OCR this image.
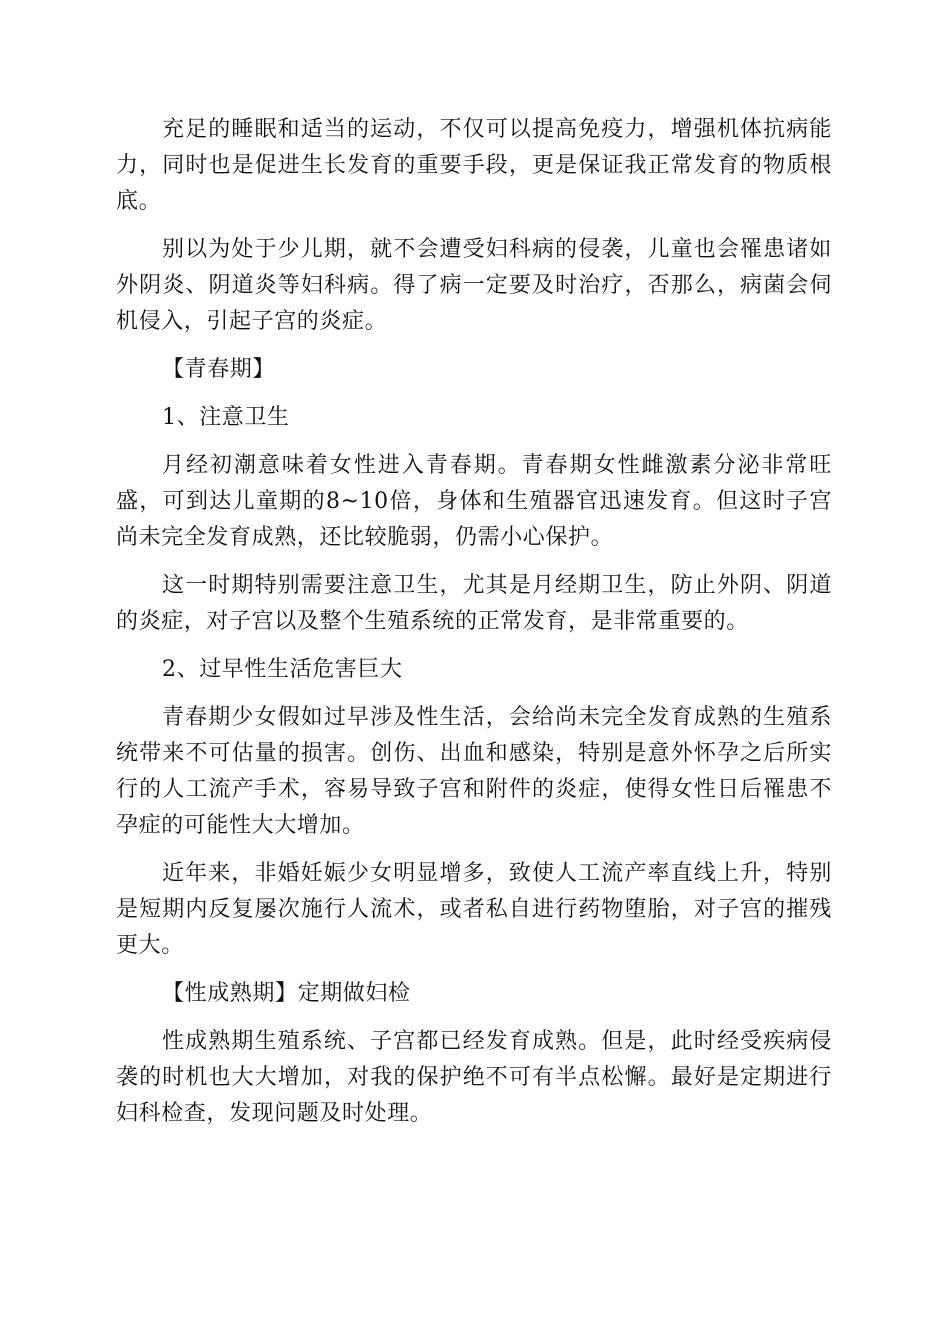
充足的睡眠和适当的运动，不仅可以提高免疫力，增强机体抗病能力，同时也是促进生长发育的重要手段，更是保证我正常发育的物质根底。

别以为处于少儿期，就不会遭受妇科病的侵袭，儿童也会罹患诸如外阴炎、阴道炎等妇科病。得了病一定要及时治疗，否那么，病菌会伺机侵入，引起子宫的炎症。

【青春期】

1、注意卫生

月经初潮意味着女性进入青春期。青春期女性雌激素分泌非常旺盛，可到达儿童期的8~10倍，身体和生殖器官迅速发育。但这时子宫尚未完全发育成熟，还比较脆弱，仍需小心保护。

这一时期特别需要注意卫生，尤其是月经期卫生，防止外阴、阴道的炎症，对子宫以及整个生殖系统的正常发育，是非常重要的。

2、过早性生活危害巨大

青春期少女假如过早涉及性生活，会给尚未完全发育成熟的生殖系统带来不可估量的损害。创伤、出血和感染，特别是意外怀孕之后所实行的人工流产手术，容易导致子宫和附件的炎症，使得女性日后罹患不孕症的可能性大大增加。

近年来，非婚妊娠少女明显增多，致使人工流产率直线上升，特别是短期内反复屡次施行人流术，或者私自进行药物堕胎，对子宫的摧残更大。

【性成熟期】定期做妇检

性成熟期生殖系统、子宫都已经发育成熟。但是，此时经受疾病侵袭的时机也大大增加，对我的保护绝不可有半点松懈。最好是定期进行妇科检查，发现问题及时处理。
